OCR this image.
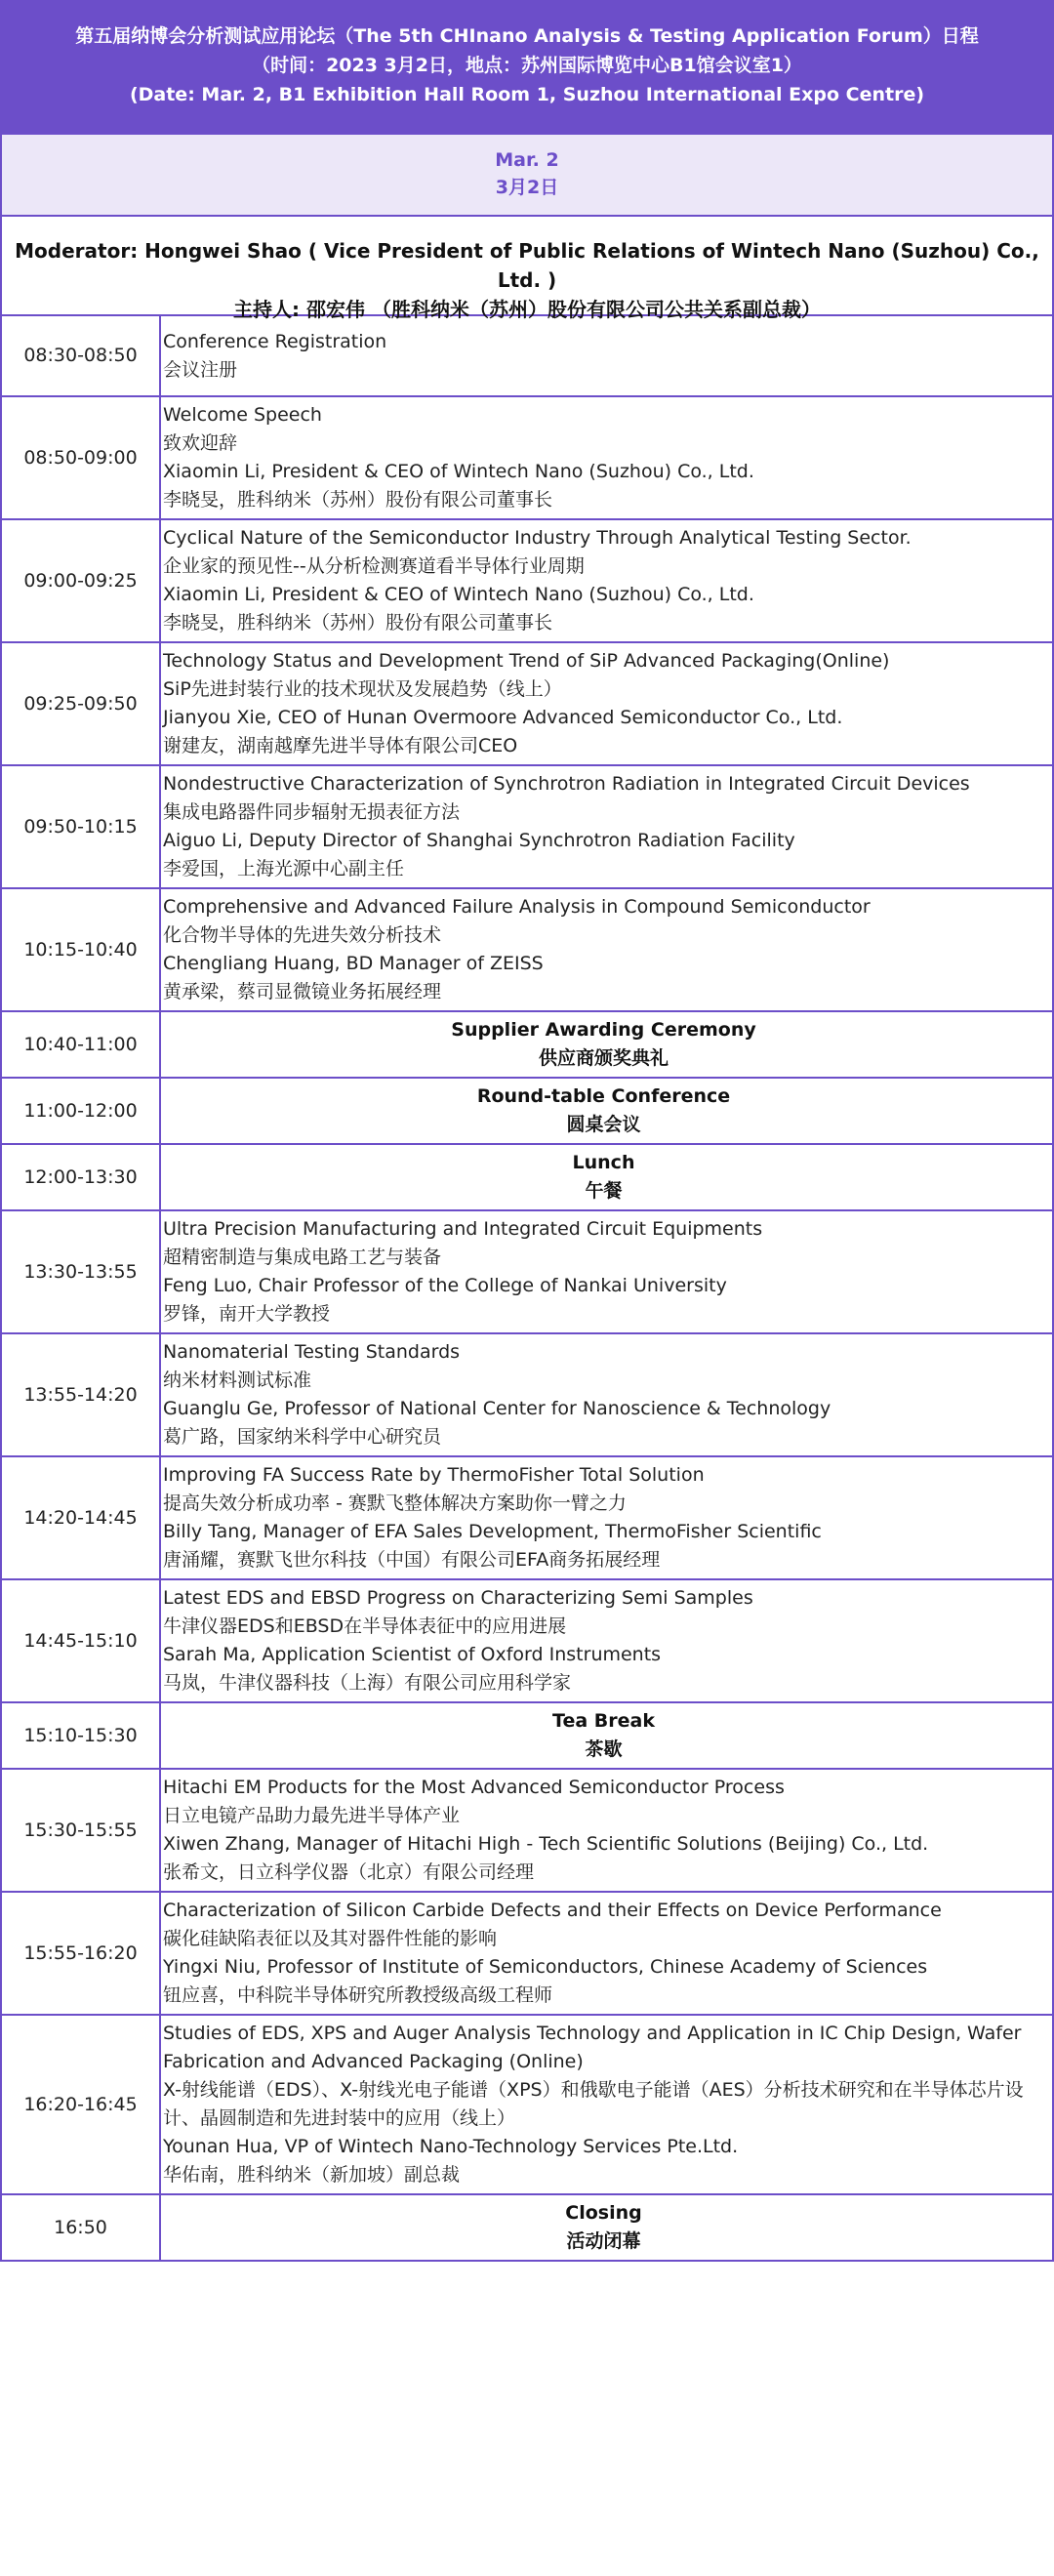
第五届纳博会分析测试应用论坛（The 5th CHInano Analysis & Testing Application Forum）日程
（时间：2023 3月2日，地点：苏州国际博览中心B1馆会议室1）
(Date: Mar. 2, B1 Exhibition Hall Room 1, Suzhou International Expo Centre)
Mar. 2
3月2日
Moderator: Hongwei Shao ( Vice President of Public Relations of Wintech Nano (Suzhou) Co., Ltd. )
主持人: 邵宏伟 （胜科纳米（苏州）股份有限公司公共关系副总裁）
08:30-08:50	Conference Registration
会议注册

08:50-09:00	Welcome Speech
致欢迎辞
Xiaomin Li, President & CEO of Wintech Nano (Suzhou) Co., Ltd.
李晓旻，胜科纳米（苏州）股份有限公司董事长

09:00-09:25	Cyclical Nature of the Semiconductor Industry Through Analytical Testing Sector.
企业家的预见性--从分析检测赛道看半导体行业周期
Xiaomin Li, President & CEO of Wintech Nano (Suzhou) Co., Ltd.
李晓旻，胜科纳米（苏州）股份有限公司董事长

09:25-09:50	Technology Status and Development Trend of SiP Advanced Packaging(Online)
SiP先进封装行业的技术现状及发展趋势（线上）
Jianyou Xie, CEO of Hunan Overmoore Advanced Semiconductor Co., Ltd.
谢建友，湖南越摩先进半导体有限公司CEO

09:50-10:15	Nondestructive Characterization of Synchrotron Radiation in Integrated Circuit Devices
集成电路器件同步辐射无损表征方法
Aiguo Li, Deputy Director of Shanghai Synchrotron Radiation Facility
李爱国，上海光源中心副主任

10:15-10:40	Comprehensive and Advanced Failure Analysis in Compound Semiconductor
化合物半导体的先进失效分析技术
Chengliang Huang, BD Manager of ZEISS
黄承梁，蔡司显微镜业务拓展经理

10:40-11:00	Supplier Awarding Ceremony
供应商颁奖典礼

11:00-12:00	Round-table Conference
圆桌会议

12:00-13:30	Lunch
午餐

13:30-13:55	Ultra Precision Manufacturing and Integrated Circuit Equipments
超精密制造与集成电路工艺与装备
Feng Luo, Chair Professor of the College of Nankai University
罗锋，南开大学教授

13:55-14:20	Nanomaterial Testing Standards
纳米材料测试标准
Guanglu Ge, Professor of National Center for Nanoscience & Technology
葛广路，国家纳米科学中心研究员

14:20-14:45	Improving FA Success Rate by ThermoFisher Total Solution
提高失效分析成功率 - 赛默飞整体解决方案助你一臂之力
Billy Tang, Manager of EFA Sales Development, ThermoFisher Scientific
唐涌耀，赛默飞世尔科技（中国）有限公司EFA商务拓展经理

14:45-15:10	Latest EDS and EBSD Progress on Characterizing Semi Samples
牛津仪器EDS和EBSD在半导体表征中的应用进展
Sarah Ma, Application Scientist of Oxford Instruments
马岚，牛津仪器科技（上海）有限公司应用科学家

15:10-15:30	Tea Break
茶歇

15:30-15:55	Hitachi EM Products for the Most Advanced Semiconductor Process
日立电镜产品助力最先进半导体产业
Xiwen Zhang, Manager of Hitachi High - Tech Scientific Solutions (Beijing) Co., Ltd.
张希文，日立科学仪器（北京）有限公司经理

15:55-16:20	Characterization of Silicon Carbide Defects and their Effects on Device Performance
碳化硅缺陷表征以及其对器件性能的影响
Yingxi Niu, Professor of Institute of Semiconductors, Chinese Academy of Sciences
钮应喜，中科院半导体研究所教授级高级工程师

16:20-16:45	Studies of EDS, XPS and Auger Analysis Technology and Application in IC Chip Design, Wafer Fabrication and Advanced Packaging (Online)
X-射线能谱（EDS）、X-射线光电子能谱（XPS）和俄歇电子能谱（AES）分析技术研究和在半导体芯片设计、晶圆制造和先进封装中的应用（线上）
Younan Hua, VP of Wintech Nano-Technology Services Pte.Ltd.
华佑南，胜科纳米（新加坡）副总裁

16:50	Closing
活动闭幕
